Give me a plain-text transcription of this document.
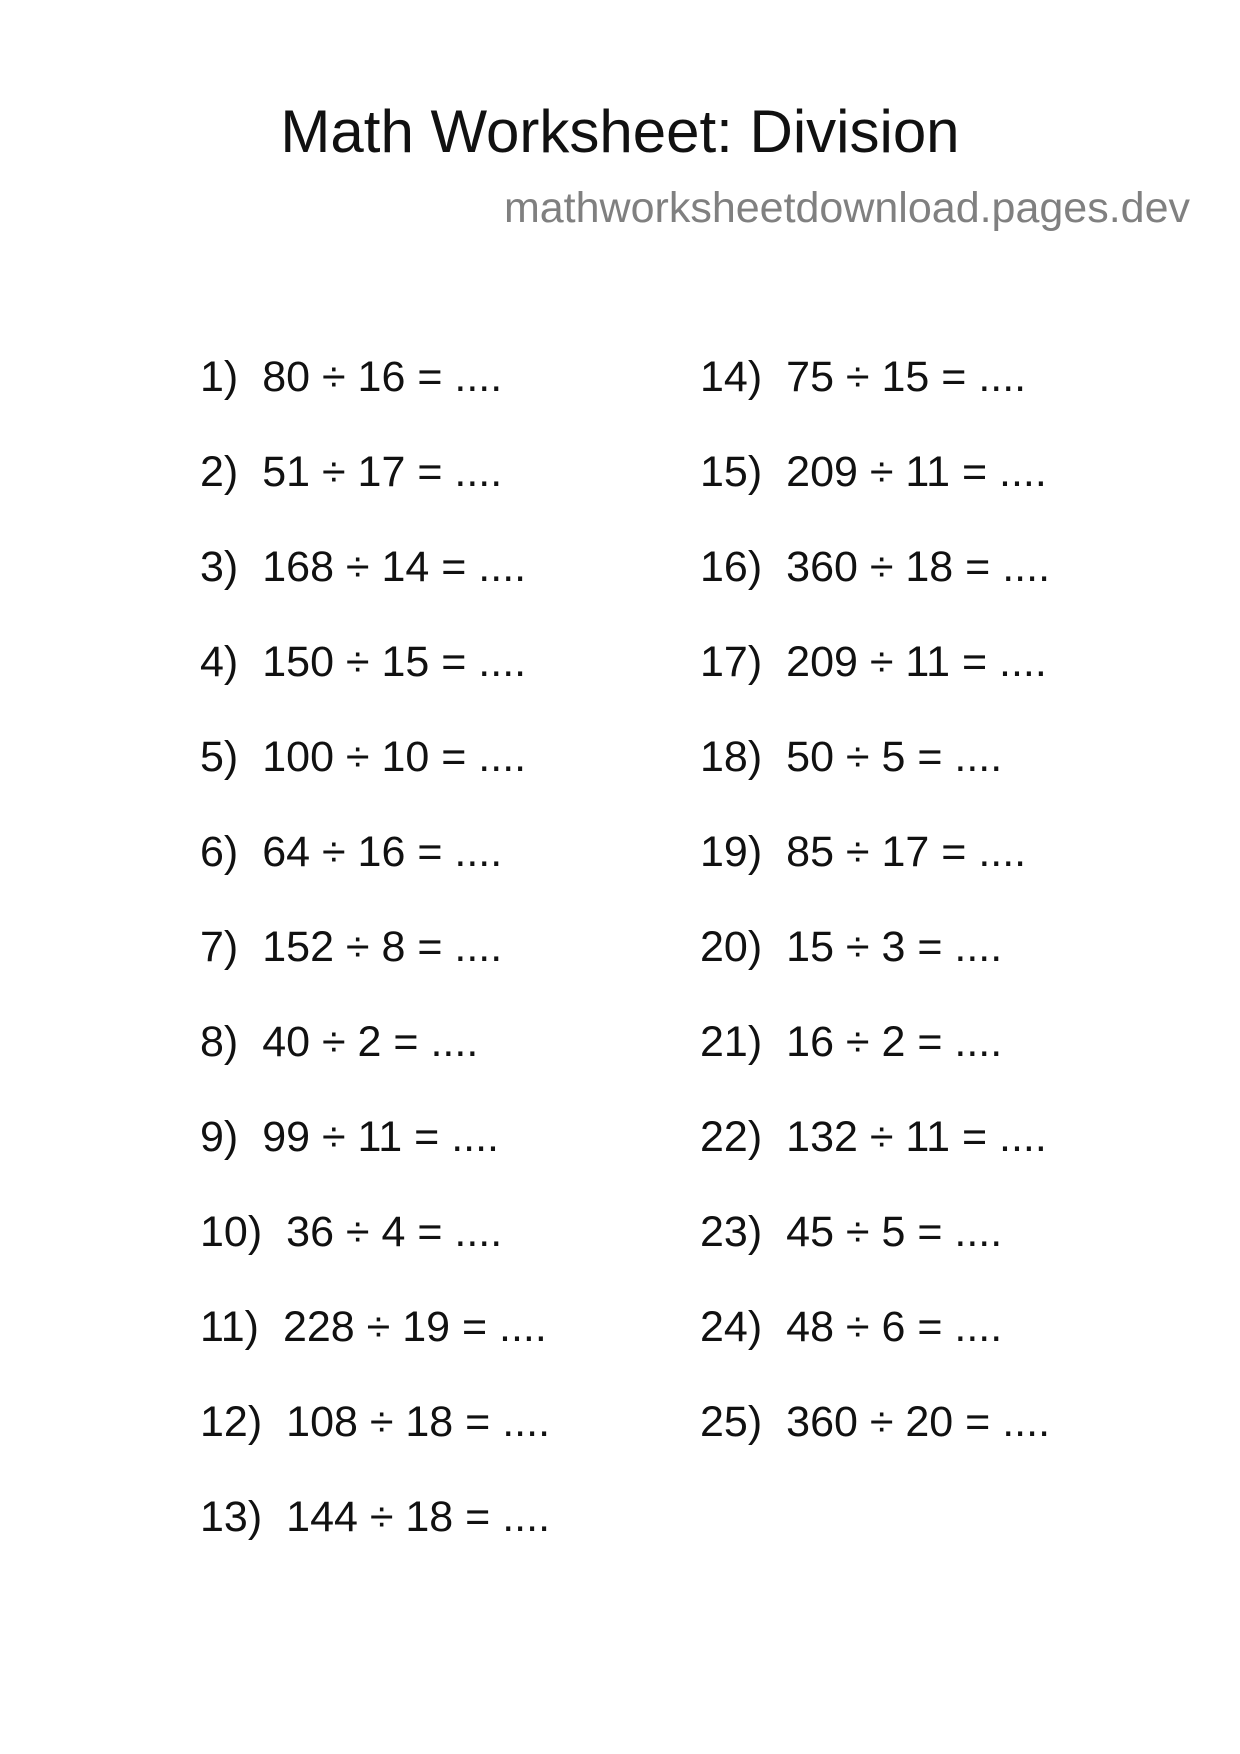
Math Worksheet: Division
mathworksheetdownload.pages.dev
1) 80 ÷ 16 = ....
2) 51 ÷ 17 = ....
3) 168 ÷ 14 = ....
4) 150 ÷ 15 = ....
5) 100 ÷ 10 = ....
6) 64 ÷ 16 = ....
7) 152 ÷ 8 = ....
8) 40 ÷ 2 = ....
9) 99 ÷ 11 = ....
10) 36 ÷ 4 = ....
11) 228 ÷ 19 = ....
12) 108 ÷ 18 = ....
13) 144 ÷ 18 = ....
14) 75 ÷ 15 = ....
15) 209 ÷ 11 = ....
16) 360 ÷ 18 = ....
17) 209 ÷ 11 = ....
18) 50 ÷ 5 = ....
19) 85 ÷ 17 = ....
20) 15 ÷ 3 = ....
21) 16 ÷ 2 = ....
22) 132 ÷ 11 = ....
23) 45 ÷ 5 = ....
24) 48 ÷ 6 = ....
25) 360 ÷ 20 = ....
